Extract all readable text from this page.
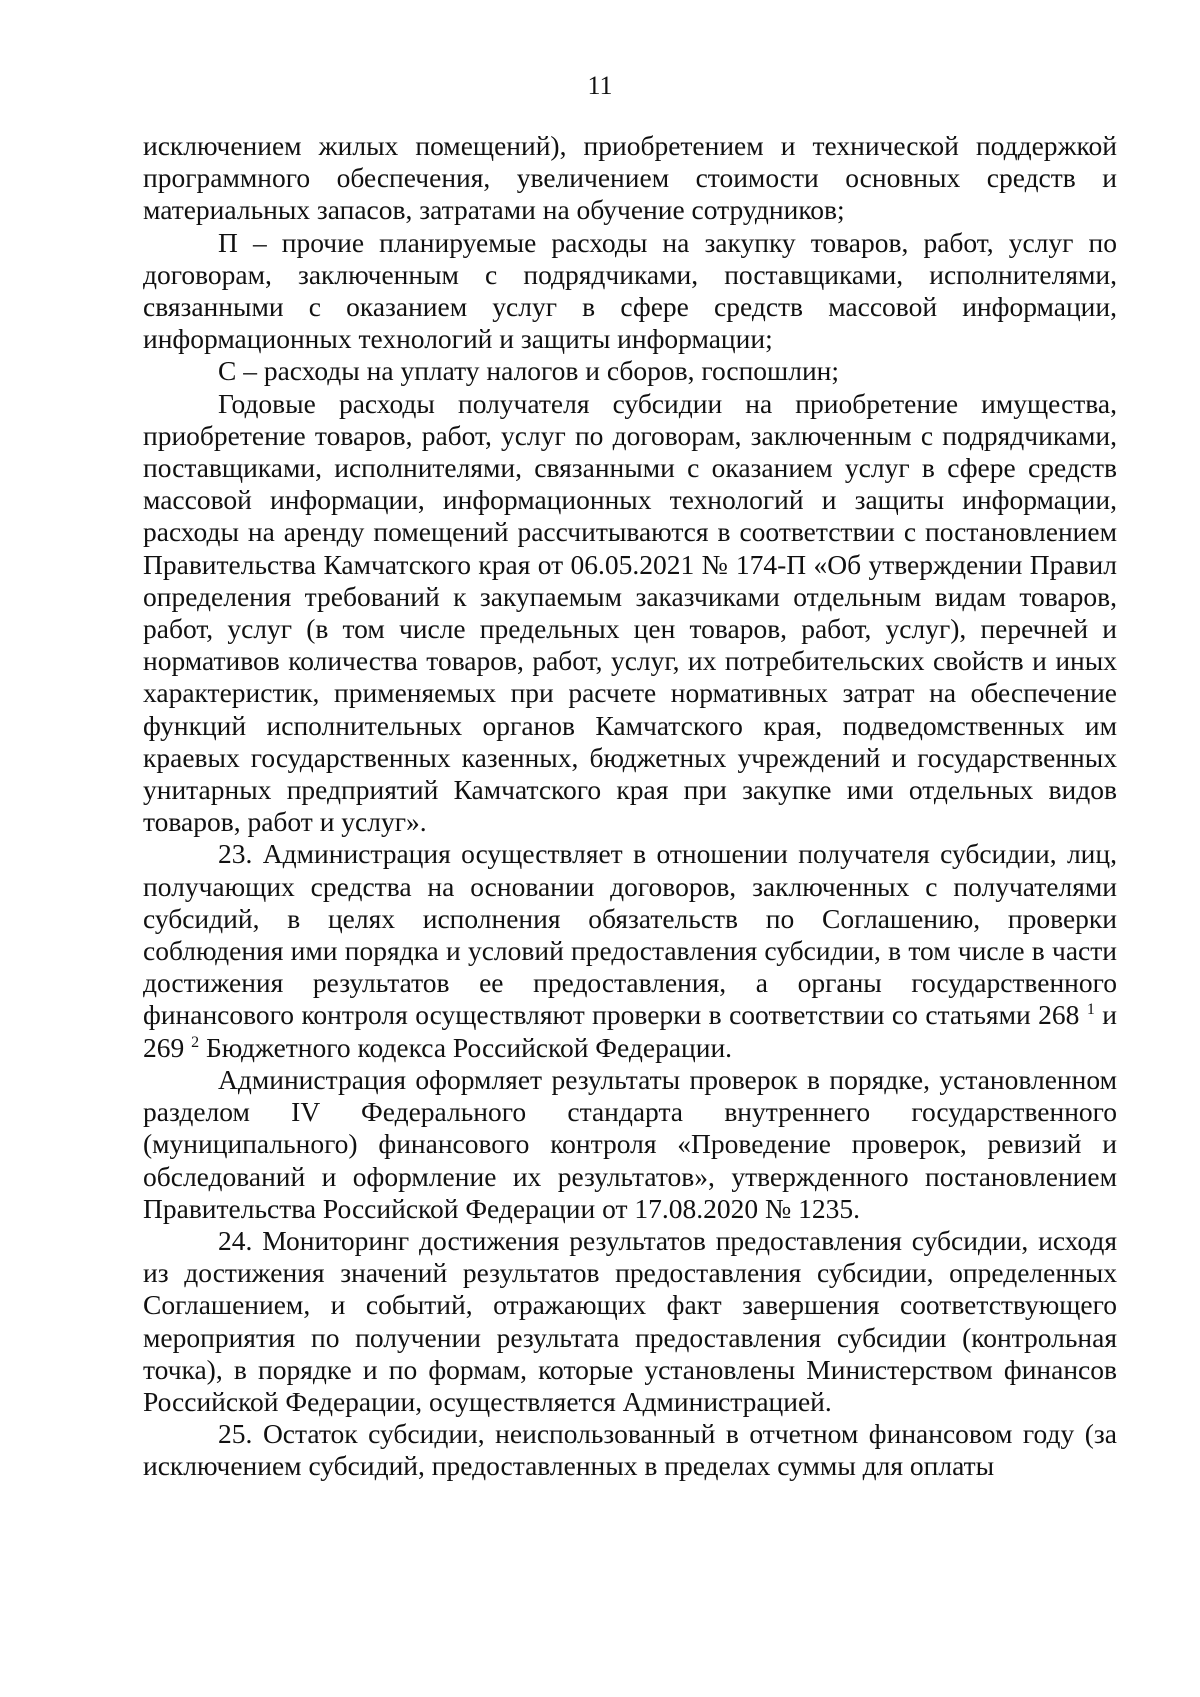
11

исключением жилых помещений), приобретением и технической поддержкой программного обеспечения, увеличением стоимости основных средств и материальных запасов, затратами на обучение сотрудников;

П – прочие планируемые расходы на закупку товаров, работ, услуг по договорам, заключенным с подрядчиками, поставщиками, исполнителями, связанными с оказанием услуг в сфере средств массовой информации, информационных технологий и защиты информации;

С – расходы на уплату налогов и сборов, госпошлин;

Годовые расходы получателя субсидии на приобретение имущества, приобретение товаров, работ, услуг по договорам, заключенным с подрядчиками, поставщиками, исполнителями, связанными с оказанием услуг в сфере средств массовой информации, информационных технологий и защиты информации, расходы на аренду помещений рассчитываются в соответствии с постановлением Правительства Камчатского края от 06.05.2021 № 174-П «Об утверждении Правил определения требований к закупаемым заказчиками отдельным видам товаров, работ, услуг (в том числе предельных цен товаров, работ, услуг), перечней и нормативов количества товаров, работ, услуг, их потребительских свойств и иных характеристик, применяемых при расчете нормативных затрат на обеспечение функций исполнительных органов Камчатского края, подведомственных им краевых государственных казенных, бюджетных учреждений и государственных унитарных предприятий Камчатского края при закупке ими отдельных видов товаров, работ и услуг».

23. Администрация осуществляет в отношении получателя субсидии, лиц, получающих средства на основании договоров, заключенных с получателями субсидий, в целях исполнения обязательств по Соглашению, проверки соблюдения ими порядка и условий предоставления субсидии, в том числе в части достижения результатов ее предоставления, а органы государственного финансового контроля осуществляют проверки в соответствии со статьями 268 $^1$ и 269 $^2$ Бюджетного кодекса Российской Федерации.

Администрация оформляет результаты проверок в порядке, установленном разделом IV Федерального стандарта внутреннего государственного (муниципального) финансового контроля «Проведение проверок, ревизий и обследований и оформление их результатов», утвержденного постановлением Правительства Российской Федерации от 17.08.2020 № 1235.

24. Мониторинг достижения результатов предоставления субсидии, исходя из достижения значений результатов предоставления субсидии, определенных Соглашением, и событий, отражающих факт завершения соответствующего мероприятия по получении результата предоставления субсидии (контрольная точка), в порядке и по формам, которые установлены Министерством финансов Российской Федерации, осуществляется Администрацией.

25. Остаток субсидии, неиспользованный в отчетном финансовом году (за исключением субсидий, предоставленных в пределах суммы для оплаты
